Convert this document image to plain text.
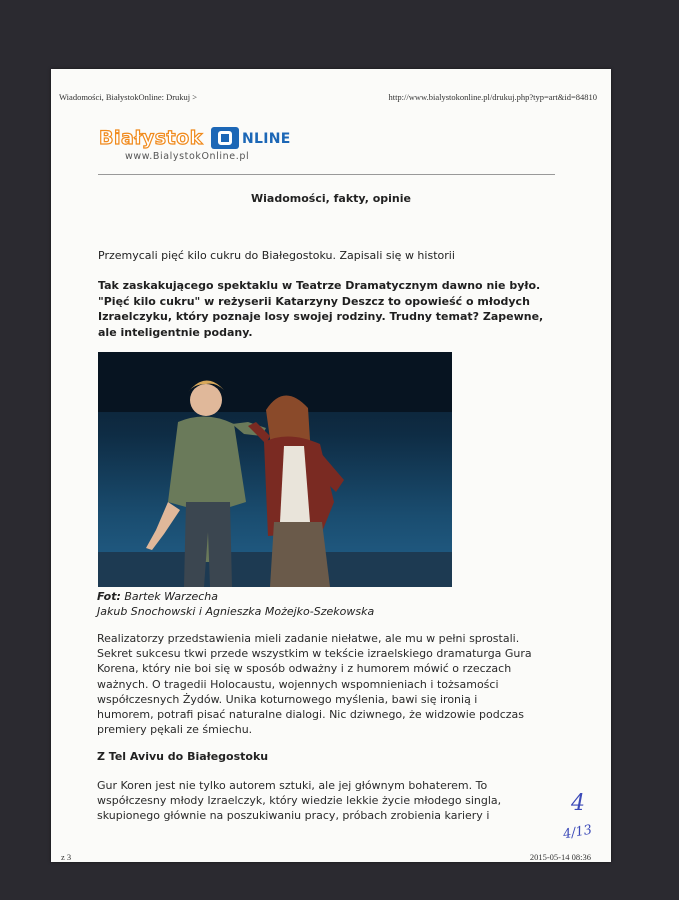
Wiadomości, BiałystokOnline: Drukuj >	http://www.bialystokonline.pl/drukuj.php?typ=art&id=84810
Białystok	NLINE
www.BialystokOnline.pl
Wiadomości, fakty, opinie
Przemycali pięć kilo cukru do Białegostoku. Zapisali się w historii
Tak zaskakującego spektaklu w Teatrze Dramatycznym dawno nie było. "Pięć kilo cukru" w reżyserii Katarzyny Deszcz to opowieść o młodych Izraelczyku, który poznaje losy swojej rodziny. Trudny temat? Zapewne, ale inteligentnie podany.
Fot: Bartek Warzecha
Jakub Snochowski i Agnieszka Możejko-Szekowska

Realizatorzy przedstawienia mieli zadanie niełatwe, ale mu w pełni sprostali.

Sekret sukcesu tkwi przede wszystkim w tekście izraelskiego dramaturga Gura

Korena, który nie boi się w sposób odważny i z humorem mówić o rzeczach

ważnych. O tragedii Holocaustu, wojennych wspomnieniach i tożsamości

współczesnych Żydów. Unika koturnowego myślenia, bawi się ironią i

humorem, potrafi pisać naturalne dialogi. Nic dziwnego, że widzowie podczas

premiery pękali ze śmiechu.

Z Tel Avivu do Białegostoku

Gur Koren jest nie tylko autorem sztuki, ale jej głównym bohaterem. To

współczesny młody Izraelczyk, który wiedzie lekkie życie młodego singla,

skupionego głównie na poszukiwaniu pracy, próbach zrobienia kariery i	4
4/13
z 3	2015-05-14 08:36
